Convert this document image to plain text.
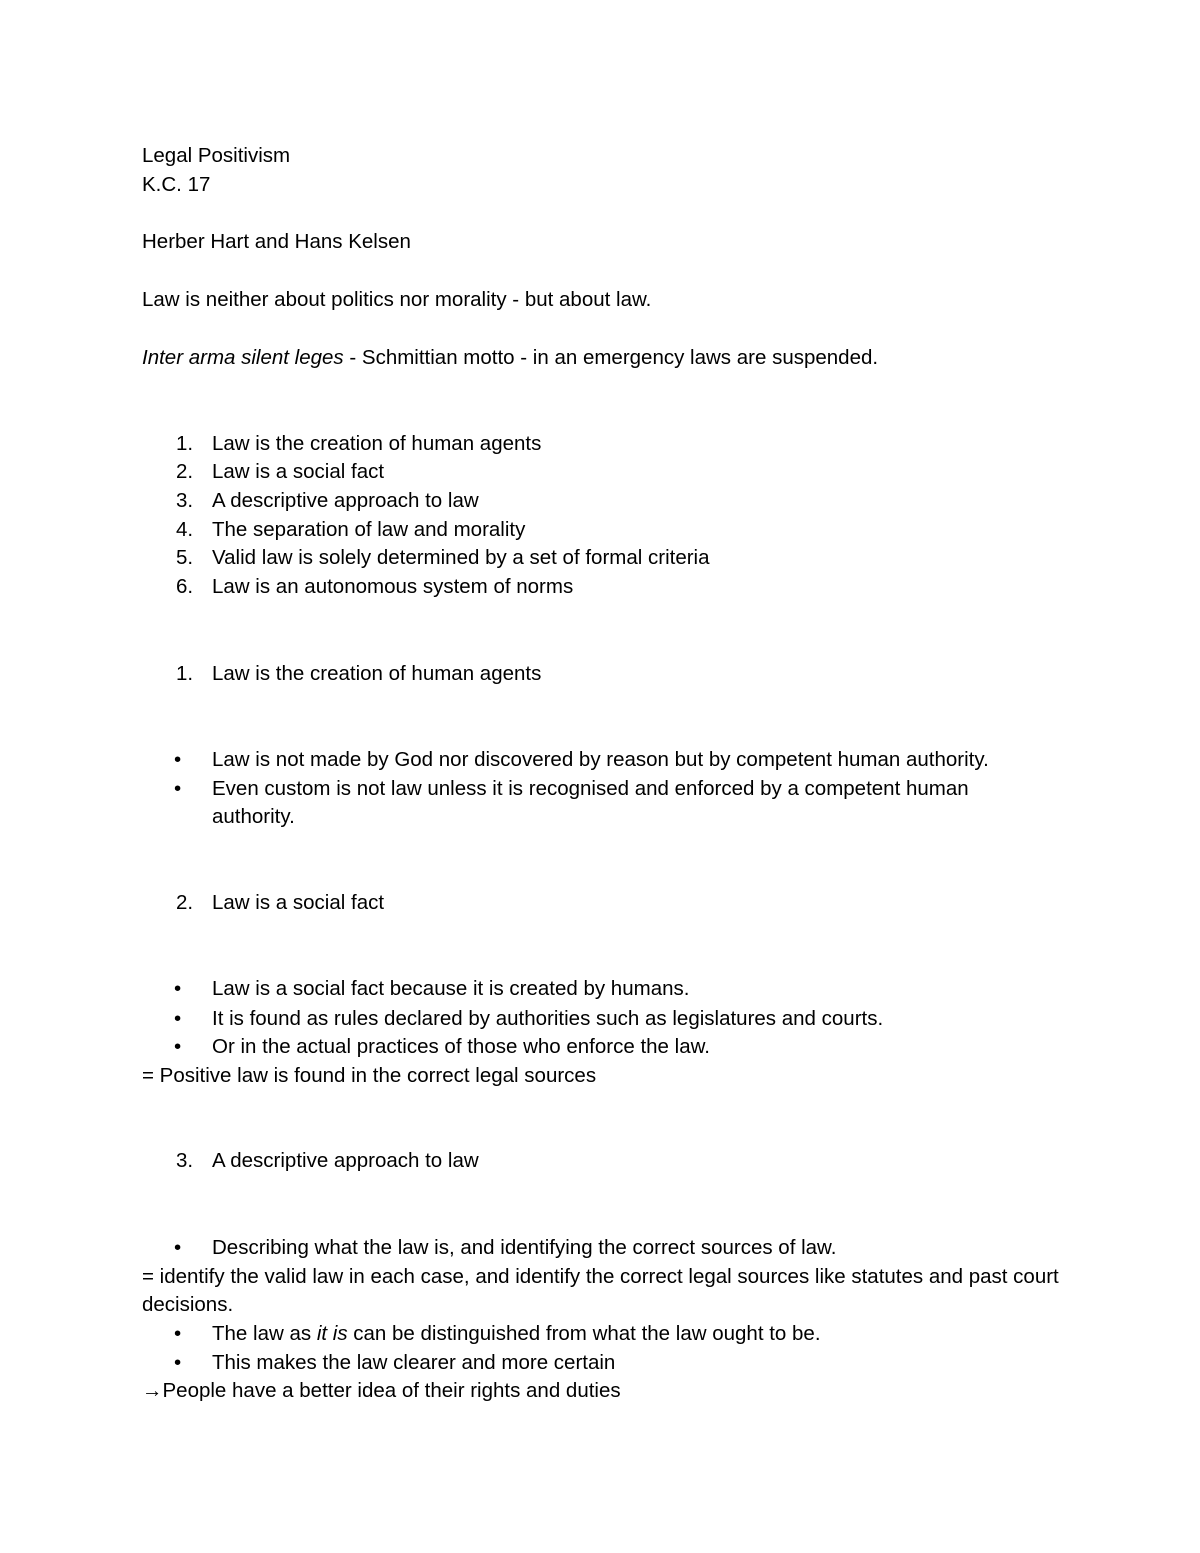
Legal Positivism
K.C. 17
Herber Hart and Hans Kelsen
Law is neither about politics nor morality - but about law.
Inter arma silent leges - Schmittian motto - in an emergency laws are suspended.
1. Law is the creation of human agents
2. Law is a social fact
3. A descriptive approach to law
4. The separation of law and morality
5. Valid law is solely determined by a set of formal criteria
6. Law is an autonomous system of norms
1. Law is the creation of human agents
• Law is not made by God nor discovered by reason but by competent human authority.
• Even custom is not law unless it is recognised and enforced by a competent human authority.
2. Law is a social fact
• Law is a social fact because it is created by humans.
• It is found as rules declared by authorities such as legislatures and courts.
• Or in the actual practices of those who enforce the law.
= Positive law is found in the correct legal sources
3. A descriptive approach to law
• Describing what the law is, and identifying the correct sources of law.
= identify the valid law in each case, and identify the correct legal sources like statutes and past court decisions.
• The law as it is can be distinguished from what the law ought to be.
• This makes the law clearer and more certain
→People have a better idea of their rights and duties
